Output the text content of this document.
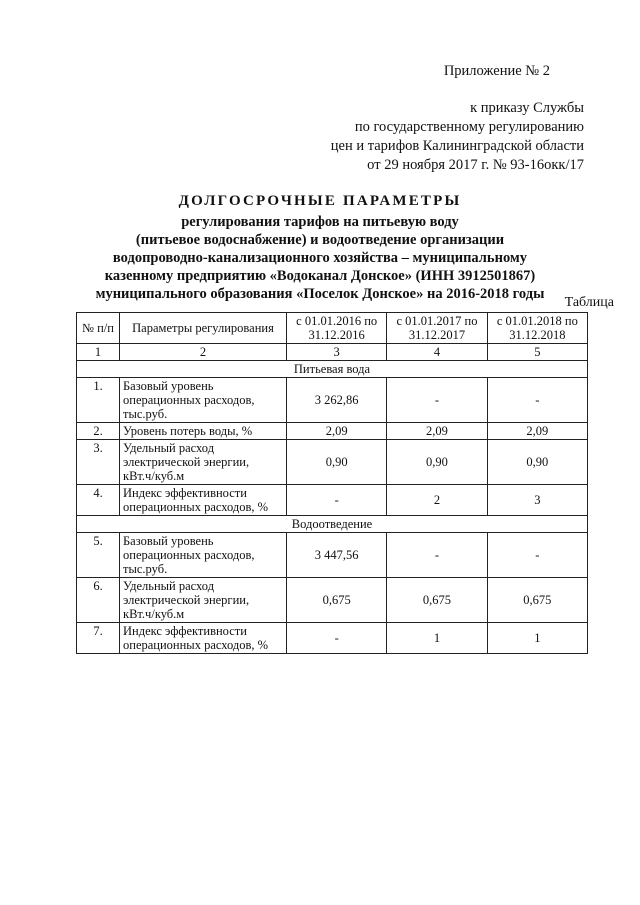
Приложение № 2
к приказу Службы
по государственному регулированию
цен и тарифов Калининградской области
от 29 ноября 2017 г. № 93-16окк/17
ДОЛГОСРОЧНЫЕ ПАРАМЕТРЫ
регулирования тарифов на питьевую воду
(питьевое водоснабжение) и водоотведение организации
водопроводно-канализационного хозяйства – муниципальному
казенному предприятию «Водоканал Донское» (ИНН 3912501867)
муниципального образования «Поселок Донское» на 2016-2018 годы
Таблица
№ п/п	Параметры регулирования	с 01.01.2016 по 31.12.2016	с 01.01.2017 по 31.12.2017	с 01.01.2018 по 31.12.2018
1	2	3	4	5
Питьевая вода				
1.	Базовый уровень операционных расходов, тыс.руб.	3 262,86	-	-
2.	Уровень потерь воды, %	2,09	2,09	2,09
3.	Удельный расход электрической энергии, кВт.ч/куб.м	0,90	0,90	0,90
4.	Индекс эффективности операционных расходов, %	-	2	3
Водоотведение				
5.	Базовый уровень операционных расходов, тыс.руб.	3 447,56	-	-
6.	Удельный расход электрической энергии, кВт.ч/куб.м	0,675	0,675	0,675
7.	Индекс эффективности операционных расходов, %	-	1	1
